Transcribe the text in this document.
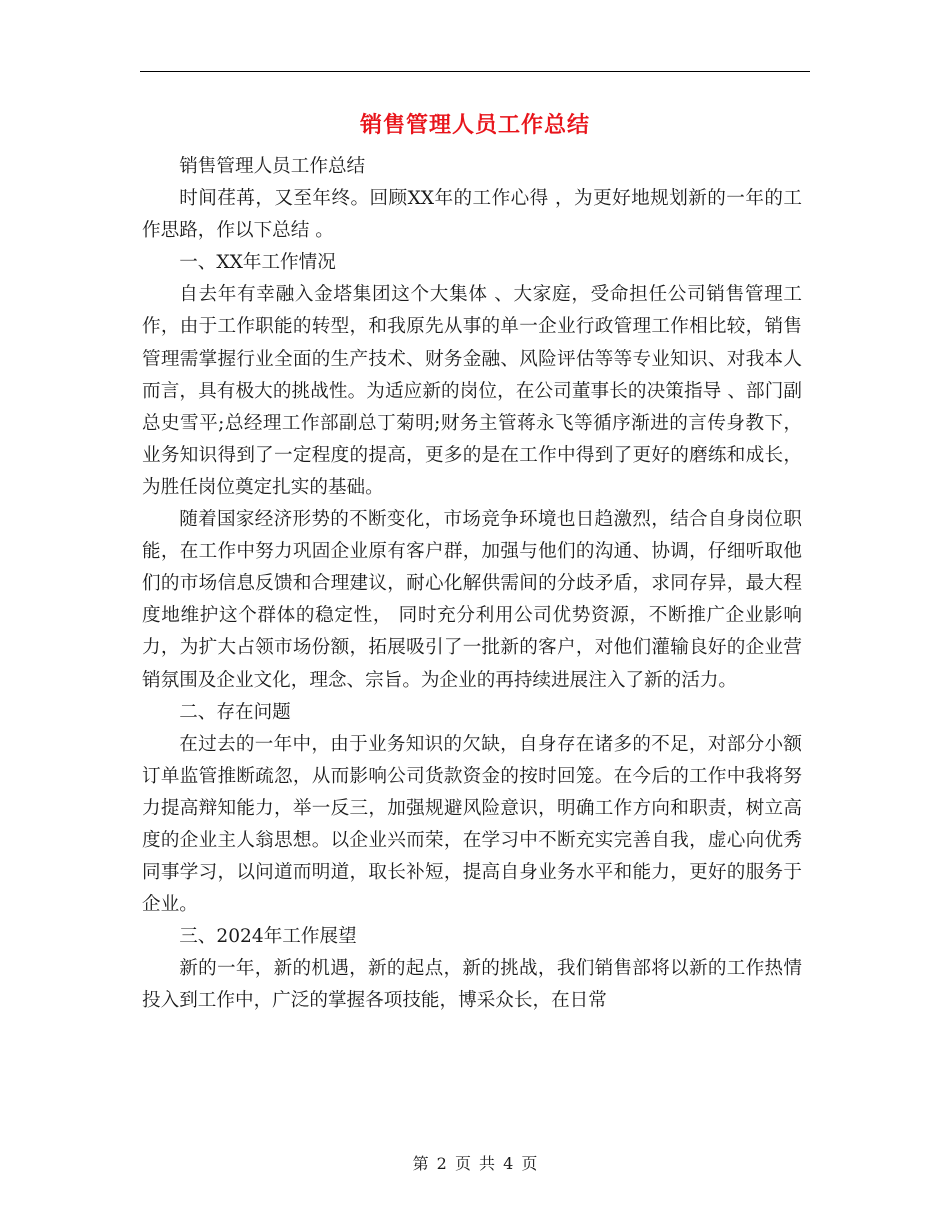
销售管理人员工作总结

销售管理人员工作总结

时间荏苒，又至年终。回顾XX年的工作心得 ，为更好地规划新的一年的工作思路，作以下总结 。

一、XX年工作情况

自去年有幸融入金塔集团这个大集体 、大家庭，受命担任公司销售管理工作，由于工作职能的转型，和我原先从事的单一企业行政管理工作相比较，销售管理需掌握行业全面的生产技术、财务金融、风险评估等等专业知识、对我本人而言，具有极大的挑战性。为适应新的岗位，在公司董事长的决策指导 、部门副总史雪平;总经理工作部副总丁菊明;财务主管蒋永飞等循序渐进的言传身教下，业务知识得到了一定程度的提高，更多的是在工作中得到了更好的磨练和成长，为胜任岗位奠定扎实的基础。

随着国家经济形势的不断变化，市场竞争环境也日趋激烈，结合自身岗位职能，在工作中努力巩固企业原有客户群，加强与他们的沟通、协调，仔细听取他们的市场信息反馈和合理建议，耐心化解供需间的分歧矛盾，求同存异，最大程度地维护这个群体的稳定性， 同时充分利用公司优势资源，不断推广企业影响力，为扩大占领市场份额，拓展吸引了一批新的客户，对他们灌输良好的企业营销氛围及企业文化，理念、宗旨。为企业的再持续进展注入了新的活力。

二、存在问题

在过去的一年中，由于业务知识的欠缺，自身存在诸多的不足，对部分小额订单监管推断疏忽，从而影响公司货款资金的按时回笼。在今后的工作中我将努力提高辩知能力，举一反三，加强规避风险意识，明确工作方向和职责，树立高度的企业主人翁思想。以企业兴而荣，在学习中不断充实完善自我，虚心向优秀同事学习，以问道而明道，取长补短，提高自身业务水平和能力，更好的服务于企业。

三、2024年工作展望

新的一年，新的机遇，新的起点，新的挑战，我们销售部将以新的工作热情投入到工作中，广泛的掌握各项技能，博采众长，在日常

第 2 页 共 4 页
